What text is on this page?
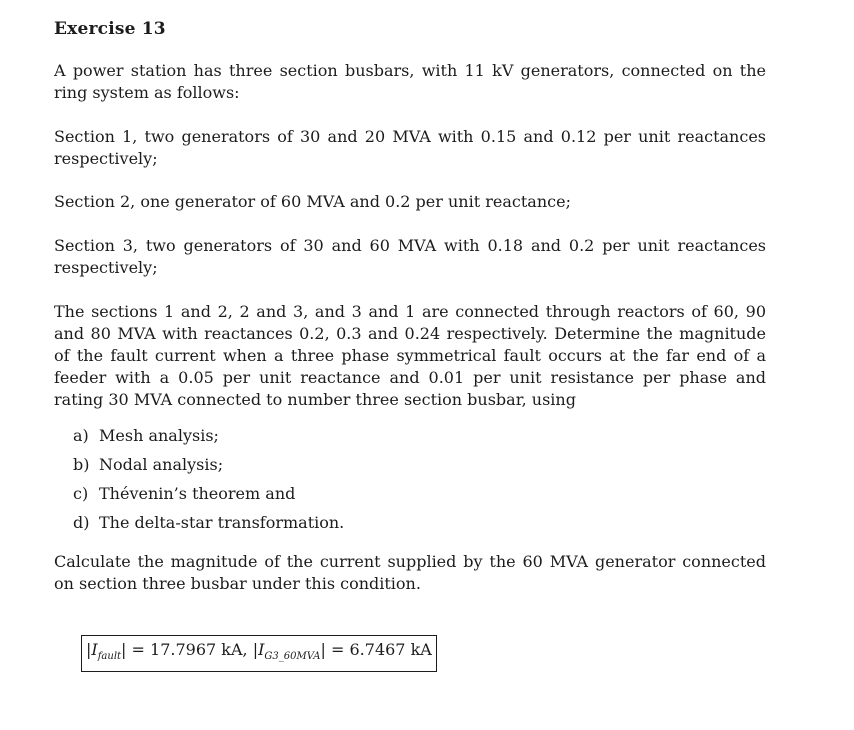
Exercise 13

A power station has three section busbars, with 11 kV generators, connected on the ring system as follows:

Section 1, two generators of 30 and 20 MVA with 0.15 and 0.12 per unit reactances respectively;

Section 2, one generator of 60 MVA and 0.2 per unit reactance;

Section 3, two generators of 30 and 60 MVA with 0.18 and 0.2 per unit reactances respectively;

The sections 1 and 2, 2 and 3, and 3 and 1 are connected through reactors of 60, 90 and 80 MVA with reactances 0.2, 0.3 and 0.24 respectively. Determine the magnitude of the fault current when a three phase symmetrical fault occurs at the far end of a feeder with a 0.05 per unit reactance and 0.01 per unit resistance per phase and rating 30 MVA connected to number three section busbar, using

a) Mesh analysis;
b) Nodal analysis;
c) Thévenin’s theorem and
d) The delta-star transformation.

Calculate the magnitude of the current supplied by the 60 MVA generator connected on section three busbar under this condition.

$|I_{fault}| = 17.7967$ kA, $|I_{G3\_60MVA}| = 6.7467$ kA
